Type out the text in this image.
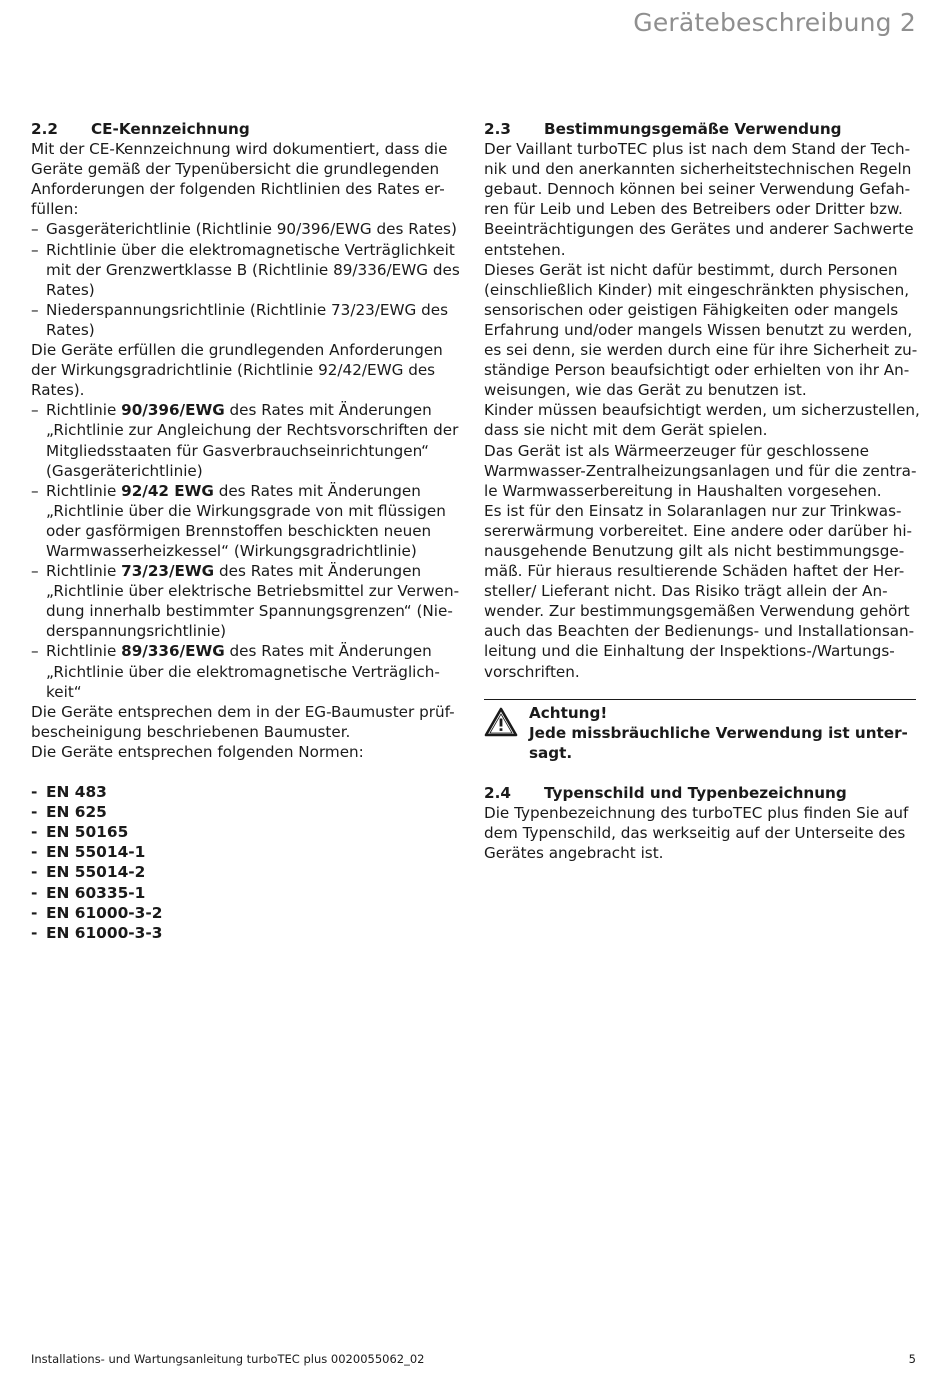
Gerätebeschreibung 2
2.2 CE-Kennzeichnung

Mit der CE-Kennzeichnung wird dokumentiert, dass die

Geräte gemäß der Typenübersicht die grundlegenden

Anforderungen der folgenden Richtlinien des Rates er-

füllen:

– Gasgeräterichtlinie (Richtlinie 90/396/EWG des Rates)

– Richtlinie über die elektromagnetische Verträglichkeit

mit der Grenzwertklasse B (Richtlinie 89/336/EWG des

Rates)

– Niederspannungsrichtlinie (Richtlinie 73/23/EWG des

Rates)

Die Geräte erfüllen die grundlegenden Anforderungen

der Wirkungsgradrichtlinie (Richtlinie 92/42/EWG des

Rates).

– Richtlinie 90/396/EWG des Rates mit Änderungen

„Richtlinie zur Angleichung der Rechtsvorschriften der

Mitgliedsstaaten für Gasverbrauchseinrichtungen“

(Gasgeräterichtlinie)

– Richtlinie 92/42 EWG des Rates mit Änderungen

„Richtlinie über die Wirkungsgrade von mit flüssigen

oder gasförmigen Brennstoffen beschickten neuen

Warmwasserheizkessel“ (Wirkungsgradrichtlinie)

– Richtlinie 73/23/EWG des Rates mit Änderungen

„Richtlinie über elektrische Betriebsmittel zur Verwen-

dung innerhalb bestimmter Spannungsgrenzen“ (Nie-

derspannungsrichtlinie)

– Richtlinie 89/336/EWG des Rates mit Änderungen

„Richtlinie über die elektromagnetische Verträglich-

keit“

Die Geräte entsprechen dem in der EG-Baumuster prüf-

bescheinigung beschriebenen Baumuster.

Die Geräte entsprechen folgenden Normen:

- EN 483
- EN 625
- EN 50165
- EN 55014-1
- EN 55014-2
- EN 60335-1
- EN 61000-3-2
- EN 61000-3-3
2.3 Bestimmungsgemäße Verwendung

Der Vaillant turboTEC plus ist nach dem Stand der Tech-

nik und den anerkannten sicherheitstechnischen Regeln

gebaut. Dennoch können bei seiner Verwendung Gefah-

ren für Leib und Leben des Betreibers oder Dritter bzw.

Beeinträchtigungen des Gerätes und anderer Sachwerte

entstehen.

Dieses Gerät ist nicht dafür bestimmt, durch Personen

(einschließlich Kinder) mit eingeschränkten physischen,

sensorischen oder geistigen Fähigkeiten oder mangels

Erfahrung und/oder mangels Wissen benutzt zu werden,

es sei denn, sie werden durch eine für ihre Sicherheit zu-

ständige Person beaufsichtigt oder erhielten von ihr An-

weisungen, wie das Gerät zu benutzen ist.

Kinder müssen beaufsichtigt werden, um sicherzustellen,

dass sie nicht mit dem Gerät spielen.

Das Gerät ist als Wärmeerzeuger für geschlossene

Warmwasser-Zentralheizungsanlagen und für die zentra-

le Warmwasserbereitung in Haushalten vorgesehen.

Es ist für den Einsatz in Solaranlagen nur zur Trinkwas-

sererwärmung vorbereitet. Eine andere oder darüber hi-

nausgehende Benutzung gilt als nicht bestimmungsge-

mäß. Für hieraus resultierende Schäden haftet der Her-

steller/ Lieferant nicht. Das Risiko trägt allein der An-

wender. Zur bestimmungsgemäßen Verwendung gehört

auch das Beachten der Bedienungs- und Installationsan-

leitung und die Einhaltung der Inspektions-/Wartungs-

vorschriften.

Achtung!

Jede missbräuchliche Verwendung ist unter-

sagt.

2.4 Typenschild und Typenbezeichnung

Die Typenbezeichnung des turboTEC plus finden Sie auf

dem Typenschild, das werkseitig auf der Unterseite des

Gerätes angebracht ist.

Installations- und Wartungsanleitung turboTEC plus 0020055062_02	5
